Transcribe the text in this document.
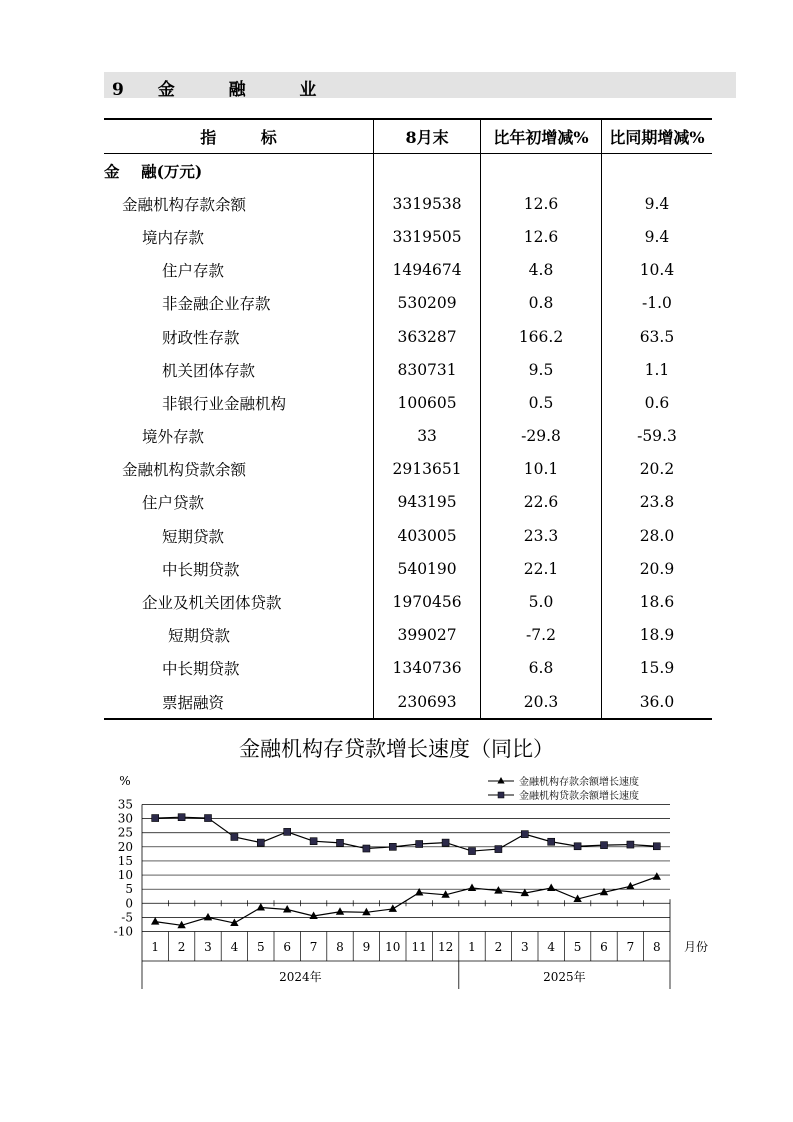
9 金  融  业
指        标	8月末	比年初增减%	比同期增减%
金    融(万元)			
金融机构存款余额	3319538	12.6	9.4
境内存款	3319505	12.6	9.4
住户存款	1494674	4.8	10.4
非金融企业存款	530209	0.8	-1.0
财政性存款	363287	166.2	63.5
机关团体存款	830731	9.5	1.1
非银行业金融机构	100605	0.5	0.6
境外存款	33	-29.8	-59.3
金融机构贷款余额	2913651	10.1	20.2
住户贷款	943195	22.6	23.8
短期贷款	403005	23.3	28.0
中长期贷款	540190	22.1	20.9
企业及机关团体贷款	1970456	5.0	18.6
短期贷款	399027	-7.2	18.9
中长期贷款	1340736	6.8	15.9
票据融资	230693	20.3	36.0
金融机构存贷款增长速度（同比）
-10
-5
0
5
10
15
20
25
30
35
%
1 2 3 4 5 6 7 8 9 10 11 12 1 2 3 4 5 6 7 8 月份
2024年	2025年
金融机构存款余额增长速度
金融机构贷款余额增长速度
